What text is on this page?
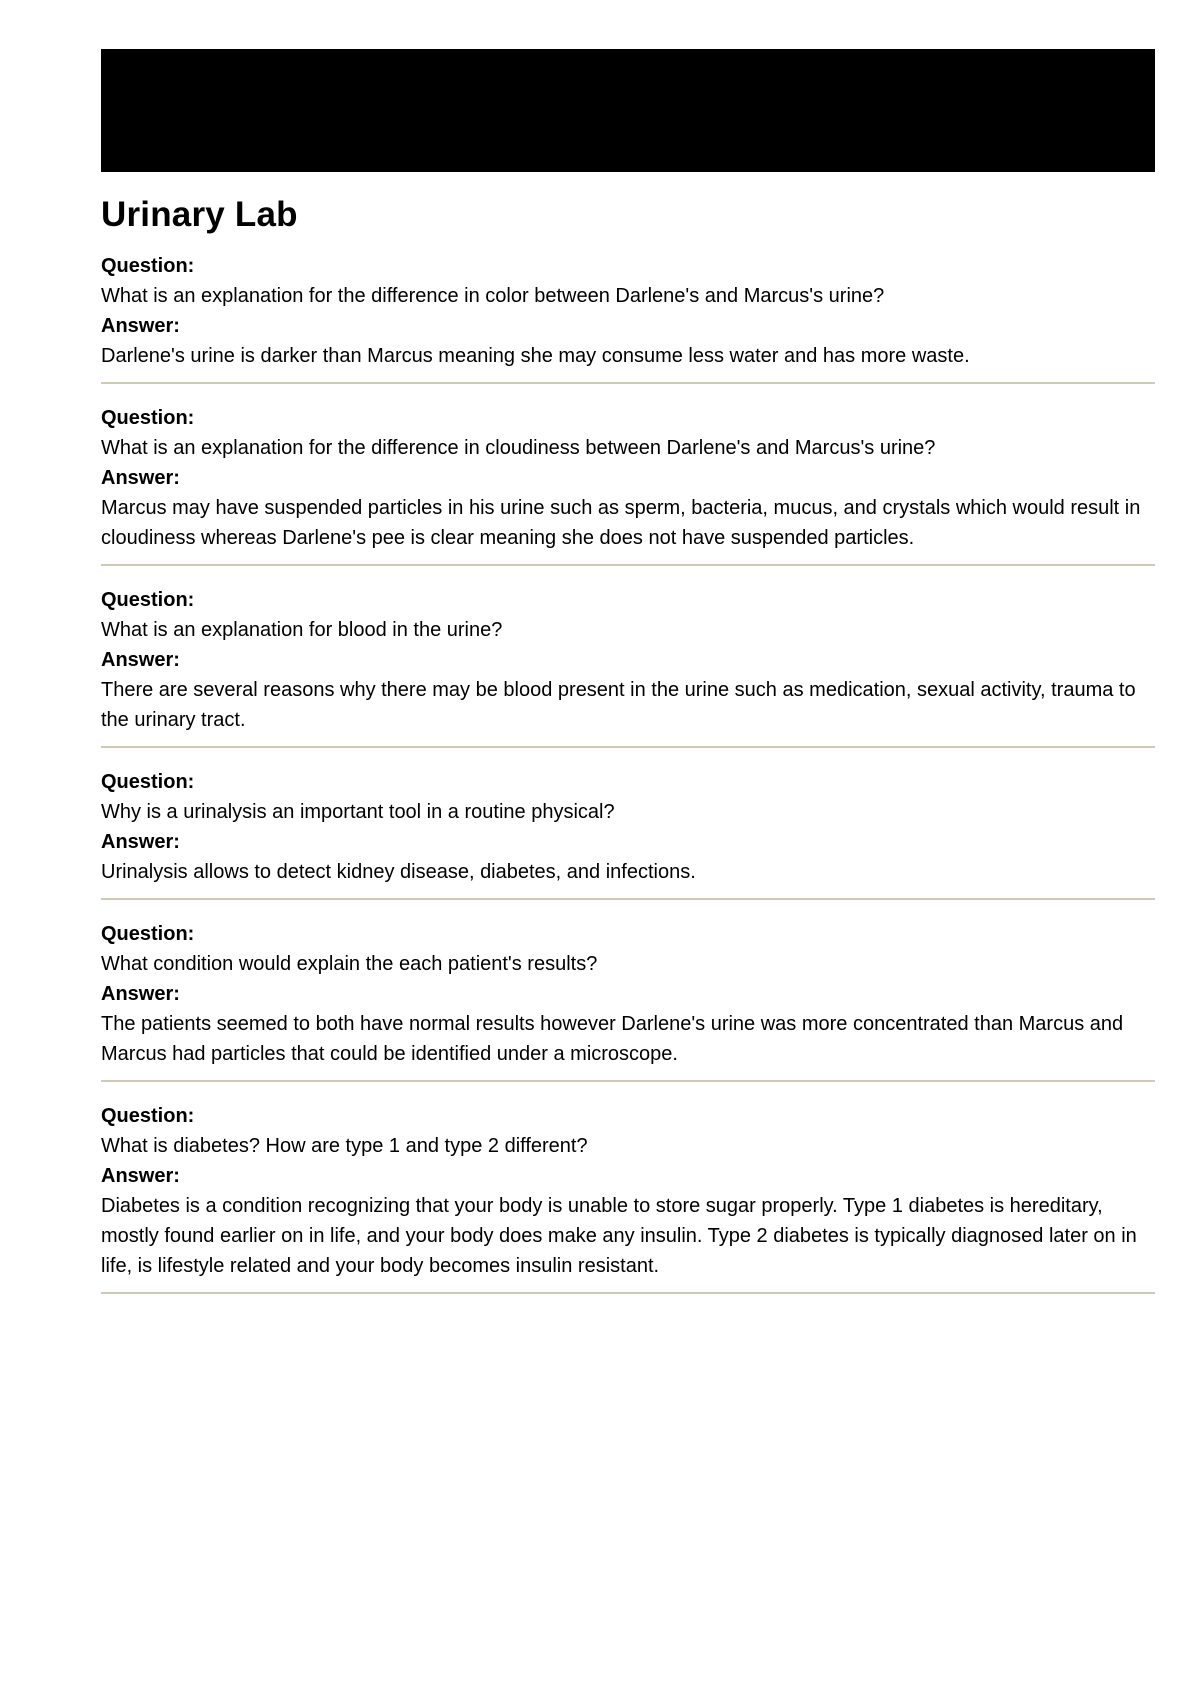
Urinary Lab
Question:
What is an explanation for the difference in color between Darlene's and Marcus's urine?
Answer:
Darlene's urine is darker than Marcus meaning she may consume less water and has more waste.
Question:
What is an explanation for the difference in cloudiness between Darlene's and Marcus's urine?
Answer:
Marcus may have suspended particles in his urine such as sperm, bacteria, mucus, and crystals which would result in cloudiness whereas Darlene's pee is clear meaning she does not have suspended particles.
Question:
What is an explanation for blood in the urine?
Answer:
There are several reasons why there may be blood present in the urine such as medication, sexual activity, trauma to the urinary tract.
Question:
Why is a urinalysis an important tool in a routine physical?
Answer:
Urinalysis allows to detect kidney disease, diabetes, and infections.
Question:
What condition would explain the each patient's results?
Answer:
The patients seemed to both have normal results however Darlene's urine was more concentrated than Marcus and Marcus had particles that could be identified under a microscope.
Question:
What is diabetes? How are type 1 and type 2 different?
Answer:
Diabetes is a condition recognizing that your body is unable to store sugar properly. Type 1 diabetes is hereditary, mostly found earlier on in life, and your body does make any insulin. Type 2 diabetes is typically diagnosed later on in life, is lifestyle related and your body becomes insulin resistant.
